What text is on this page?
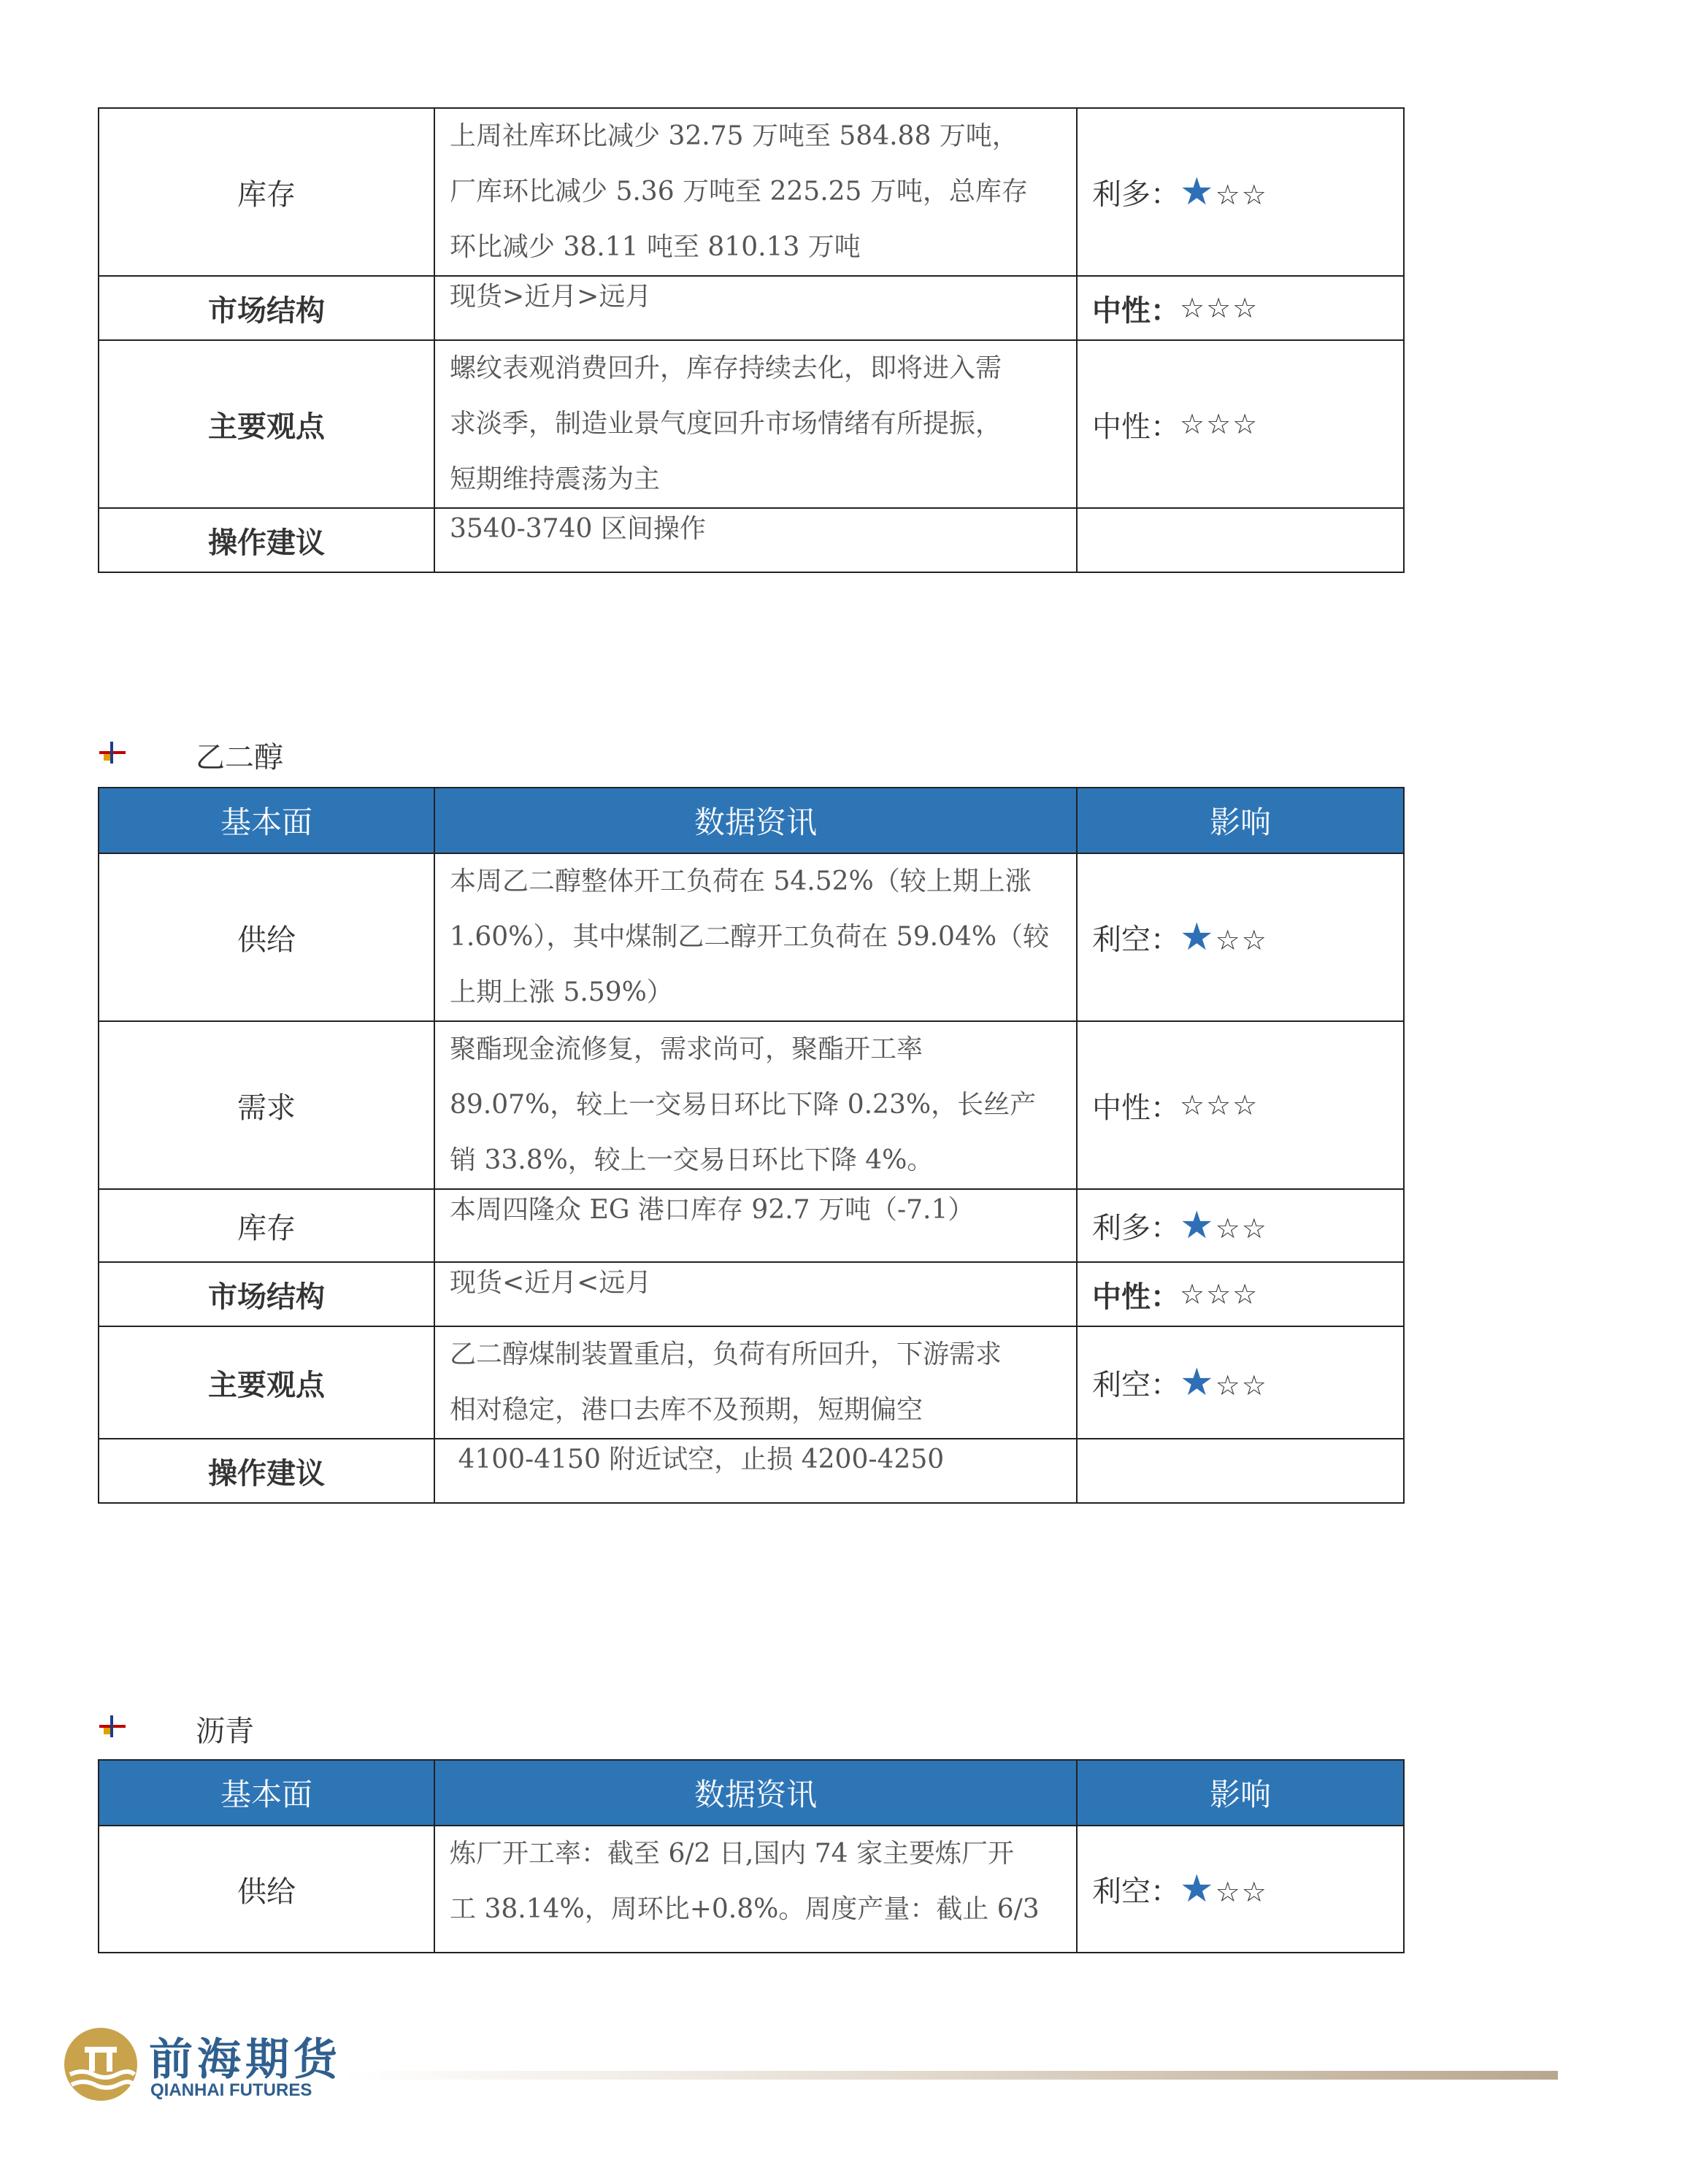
库存	上周社库环比减少 32.75 万吨至 584.88 万吨，
厂库环比减少 5.36 万吨至 225.25 万吨，总库存
环比减少 38.11 吨至 810.13 万吨	利多：★☆☆
市场结构	现货>近月>远月	中性：☆☆☆
主要观点	螺纹表观消费回升，库存持续去化，即将进入需
求淡季，制造业景气度回升市场情绪有所提振，
短期维持震荡为主	中性：☆☆☆
操作建议	3540-3740 区间操作	

乙二醇
基本面	数据资讯	影响
供给	本周乙二醇整体开工负荷在 54.52%（较上期上涨
1.60%），其中煤制乙二醇开工负荷在 59.04%（较
上期上涨 5.59%）	利空：★☆☆
需求	聚酯现金流修复，需求尚可，聚酯开工率
89.07%，较上一交易日环比下降 0.23%，长丝产
销 33.8%，较上一交易日环比下降 4%。	中性：☆☆☆
库存	本周四隆众 EG 港口库存 92.7 万吨（-7.1）	利多：★☆☆
市场结构	现货<近月<远月	中性：☆☆☆
主要观点	乙二醇煤制装置重启，负荷有所回升，下游需求
相对稳定，港口去库不及预期，短期偏空	利空：★☆☆
操作建议	4100-4150 附近试空，止损 4200-4250	

沥青
基本面	数据资讯	影响
供给	炼厂开工率：截至 6/2 日,国内 74 家主要炼厂开
工 38.14%，周环比+0.8%。周度产量：截止 6/3	利空：★☆☆
前海期货
QIANHAI FUTURES
